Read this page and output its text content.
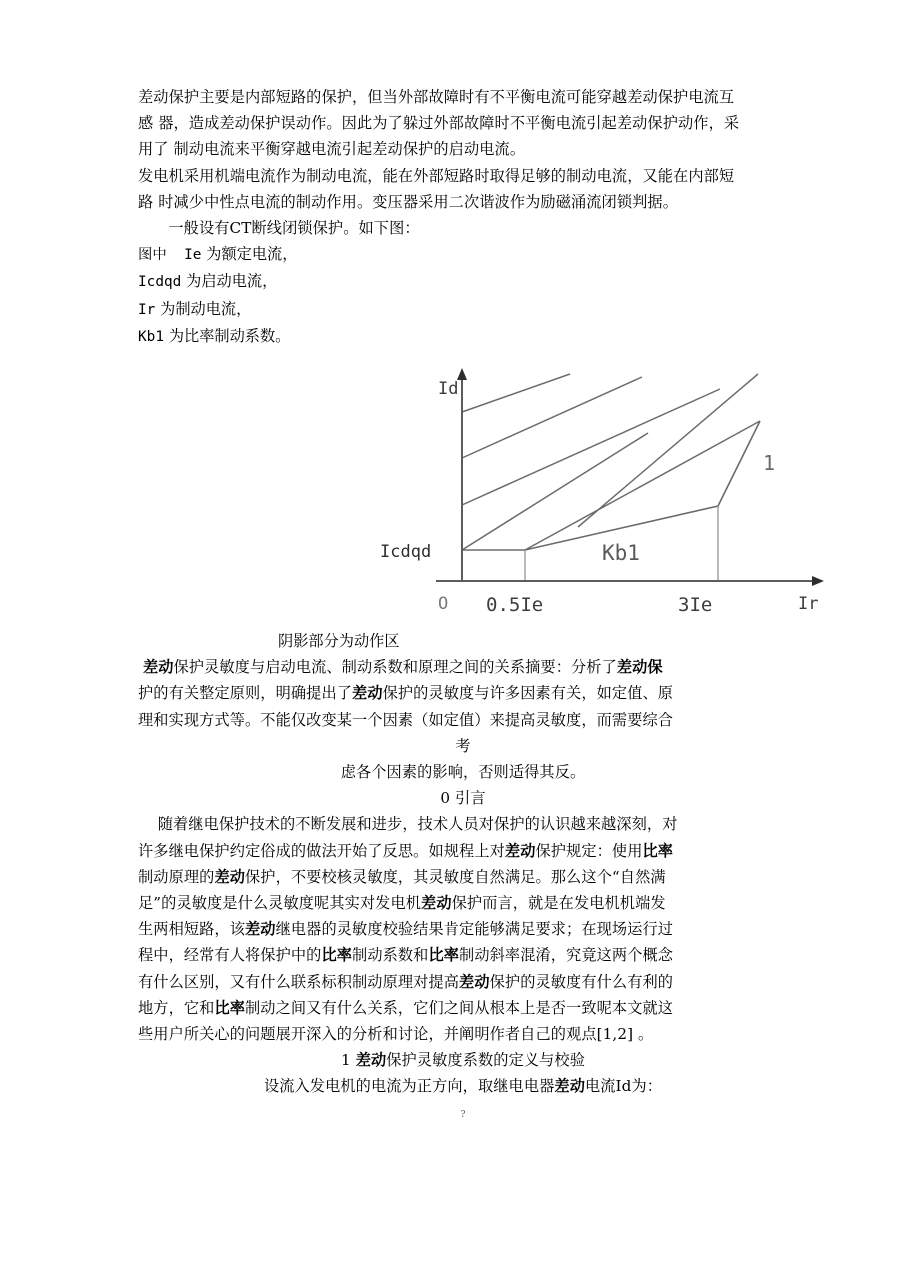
差动保护主要是内部短路的保护，但当外部故障时有不平衡电流可能穿越差动保护电流互
感 器，造成差动保护误动作。因此为了躲过外部故障时不平衡电流引起差动保护动作，采
用了 制动电流来平衡穿越电流引起差动保护的启动电流。

发电机采用机端电流作为制动电流，能在外部短路时取得足够的制动电流，又能在内部短
路 时减少中性点电流的制动作用。变压器采用二次谐波作为励磁涌流闭锁判据。

一般设有CT断线闭锁保护。如下图：

图中  Ie 为额定电流，
Icdqd 为启动电流，
Ir 为制动电流，
Kb1 为比率制动系数。
Id
Ir
Icdqd
O 0.5Ie	3Ie
Kb1
1

阴影部分为动作区

差动保护灵敏度与启动电流、制动系数和原理之间的关系摘要：分析了差动保
护的有关整定原则，明确提出了差动保护的灵敏度与许多因素有关，如定值、原
理和实现方式等。不能仅改变某一个因素（如定值）来提高灵敏度，而需要综合

考

虑各个因素的影响，否则适得其反。

0 引言

随着继电保护技术的不断发展和进步，技术人员对保护的认识越来越深刻，对
许多继电保护约定俗成的做法开始了反思。如规程上对差动保护规定：使用比率
制动原理的差动保护，不要校核灵敏度，其灵敏度自然满足。那么这个“自然满
足”的灵敏度是什么灵敏度呢其实对发电机差动保护而言，就是在发电机机端发
生两相短路，该差动继电器的灵敏度校验结果肯定能够满足要求；在现场运行过
程中，经常有人将保护中的比率制动系数和比率制动斜率混淆，究竟这两个概念
有什么区别，又有什么联系标积制动原理对提高差动保护的灵敏度有什么有利的
地方，它和比率制动之间又有什么关系，它们之间从根本上是否一致呢本文就这
些用户所关心的问题展开深入的分析和讨论，并阐明作者自己的观点[1,2] 。

1 差动保护灵敏度系数的定义与校验

设流入发电机的电流为正方向，取继电电器差动电流Id为：

?
